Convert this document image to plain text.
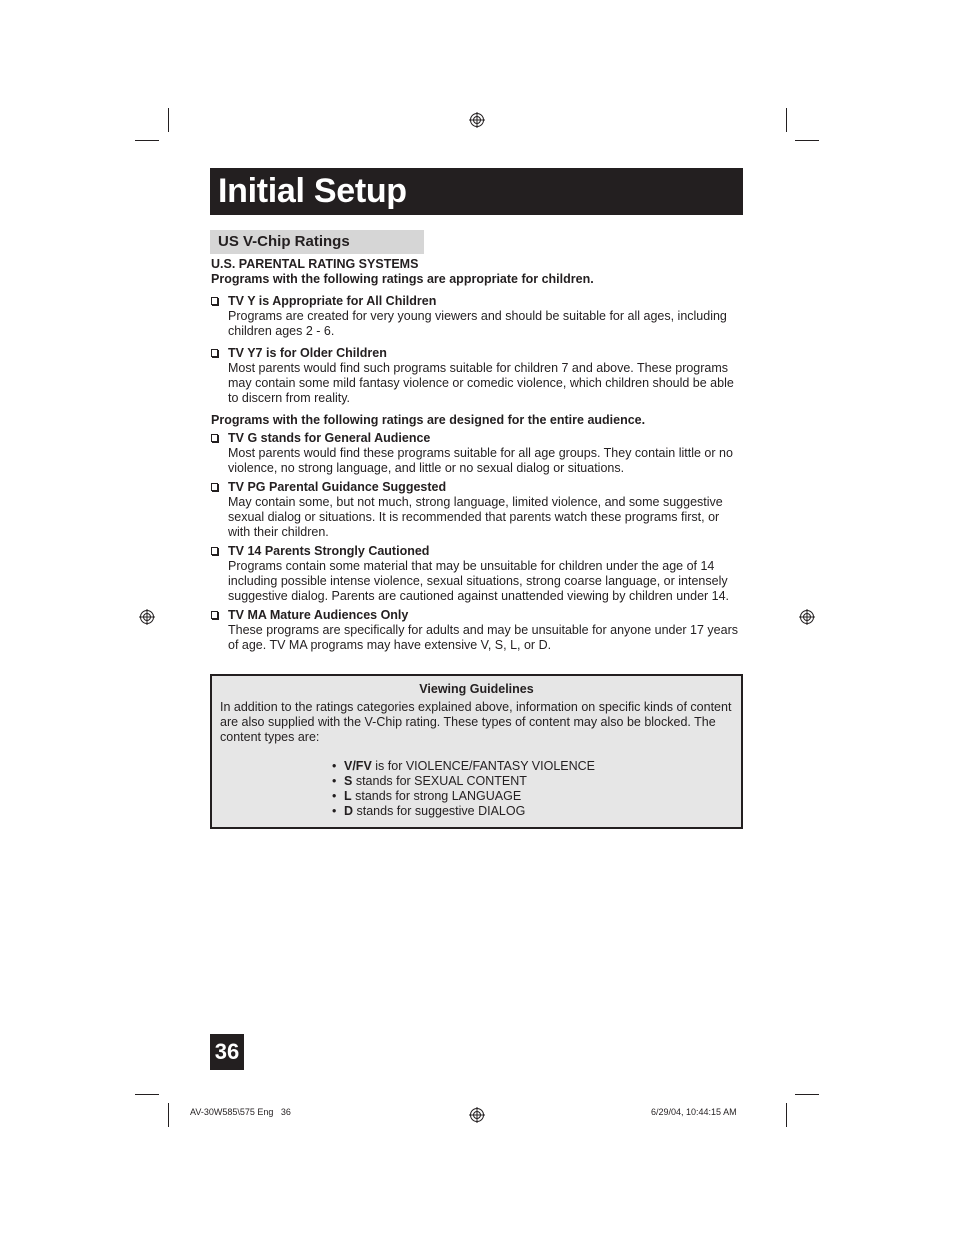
Initial Setup
US V-Chip Ratings
U.S. PARENTAL RATING SYSTEMS
Programs with the following ratings are appropriate for children.
TV Y is Appropriate for All Children
Programs are created for very young viewers and should be suitable for all ages, including children ages 2 - 6.
TV Y7 is for Older Children
Most parents would find such programs suitable for children 7 and above. These programs may contain some mild fantasy violence or comedic violence, which children should be able to discern from reality.
Programs with the following ratings are designed for the entire audience.
TV G stands for General Audience
Most parents would find these programs suitable for all age groups. They contain little or no violence, no strong language, and little or no sexual dialog or situations.
TV PG Parental Guidance Suggested
May contain some, but not much, strong language, limited violence, and some suggestive sexual dialog or situations. It is recommended that parents watch these programs first, or with their children.
TV 14 Parents Strongly Cautioned
Programs contain some material that may be unsuitable for children under the age of 14 including possible intense violence, sexual situations, strong coarse language, or intensely suggestive dialog. Parents are cautioned against unattended viewing by children under 14.
TV MA Mature Audiences Only
These programs are specifically for adults and may be unsuitable for anyone under 17 years of age. TV MA programs may have extensive V, S, L, or D.
Viewing Guidelines
In addition to the ratings categories explained above, information on specific kinds of content are also supplied with the V-Chip rating. These types of content may also be blocked. The content types are:
• V/FV is for VIOLENCE/FANTASY VIOLENCE
• S stands for SEXUAL CONTENT
• L stands for strong LANGUAGE
• D stands for suggestive DIALOG
36
AV-30W585\575 Eng   36	6/29/04, 10:44:15 AM
